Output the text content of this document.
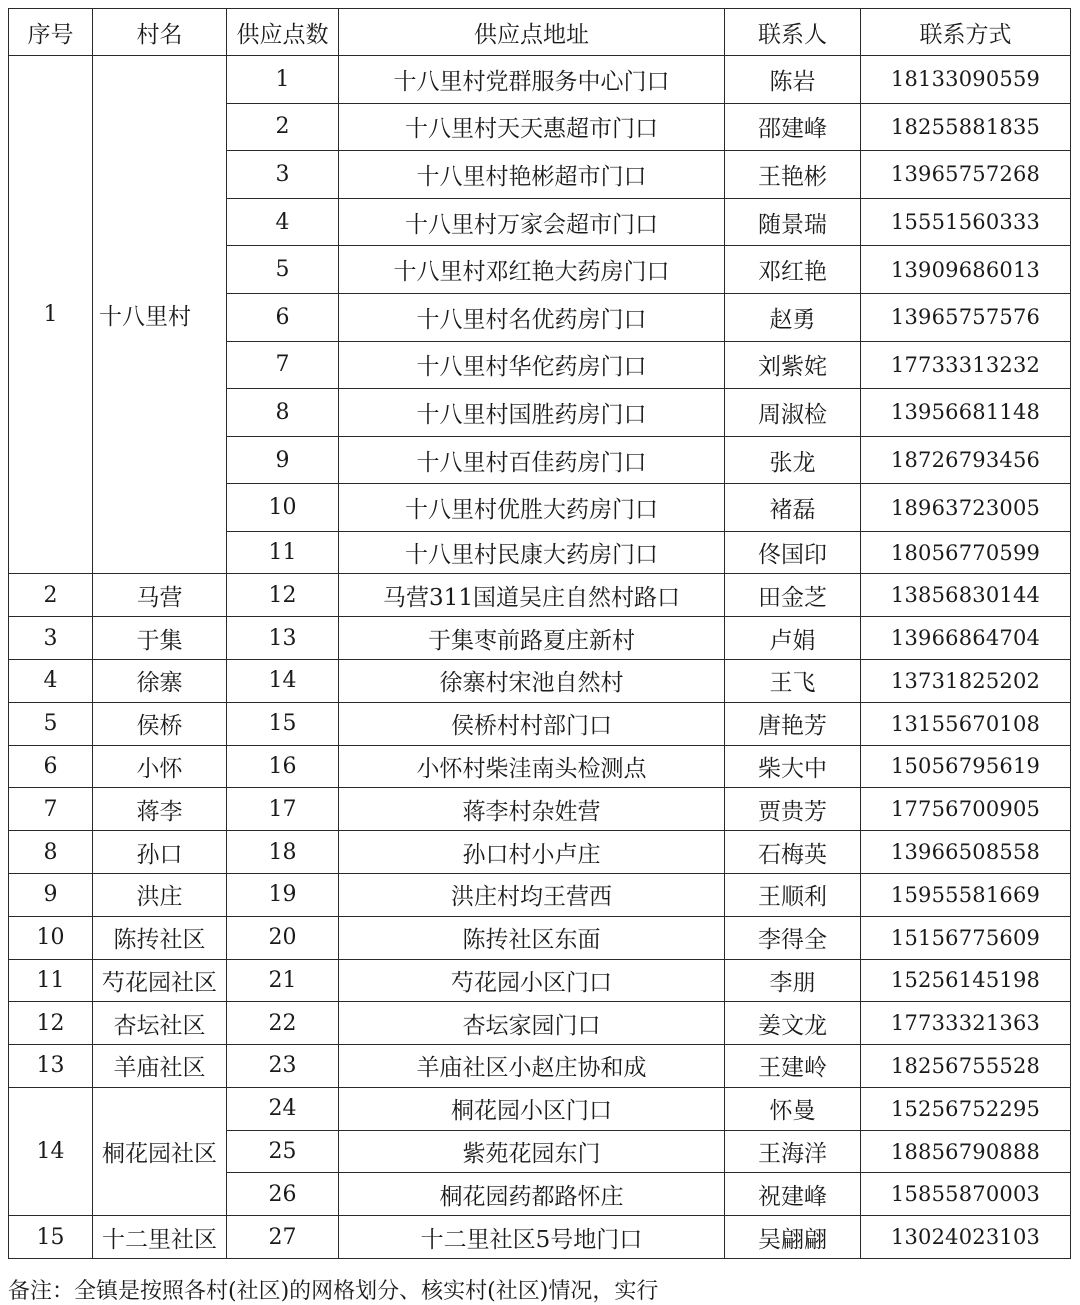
序号	村名	供应点数	供应点地址	联系人	联系方式
1	十八里村	1	十八里村党群服务中心门口	陈岩	18133090559
		2	十八里村天天惠超市门口	邵建峰	18255881835
		3	十八里村艳彬超市门口	王艳彬	13965757268
		4	十八里村万家会超市门口	随景瑞	15551560333
		5	十八里村邓红艳大药房门口	邓红艳	13909686013
		6	十八里村名优药房门口	赵勇	13965757576
		7	十八里村华佗药房门口	刘紫姹	17733313232
		8	十八里村国胜药房门口	周淑检	13956681148
		9	十八里村百佳药房门口	张龙	18726793456
		10	十八里村优胜大药房门口	褚磊	18963723005
		11	十八里村民康大药房门口	佟国印	18056770599
2	马营	12	马营311国道吴庄自然村路口	田金芝	13856830144
3	于集	13	于集枣前路夏庄新村	卢娟	13966864704
4	徐寨	14	徐寨村宋池自然村	王飞	13731825202
5	侯桥	15	侯桥村村部门口	唐艳芳	13155670108
6	小怀	16	小怀村柴洼南头检测点	柴大中	15056795619
7	蒋李	17	蒋李村杂姓营	贾贵芳	17756700905
8	孙口	18	孙口村小卢庄	石梅英	13966508558
9	洪庄	19	洪庄村均王营西	王顺利	15955581669
10	陈抟社区	20	陈抟社区东面	李得全	15156775609
11	芍花园社区	21	芍花园小区门口	李朋	15256145198
12	杏坛社区	22	杏坛家园门口	姜文龙	17733321363
13	羊庙社区	23	羊庙社区小赵庄协和成	王建岭	18256755528
14	桐花园社区	24	桐花园小区门口	怀曼	15256752295
		25	紫苑花园东门	王海洋	18856790888
		26	桐花园药都路怀庄	祝建峰	15855870003
15	十二里社区	27	十二里社区5号地门口	吴翩翩	13024023103
备注：全镇是按照各村(社区)的网格划分、核实村(社区)情况，实行
